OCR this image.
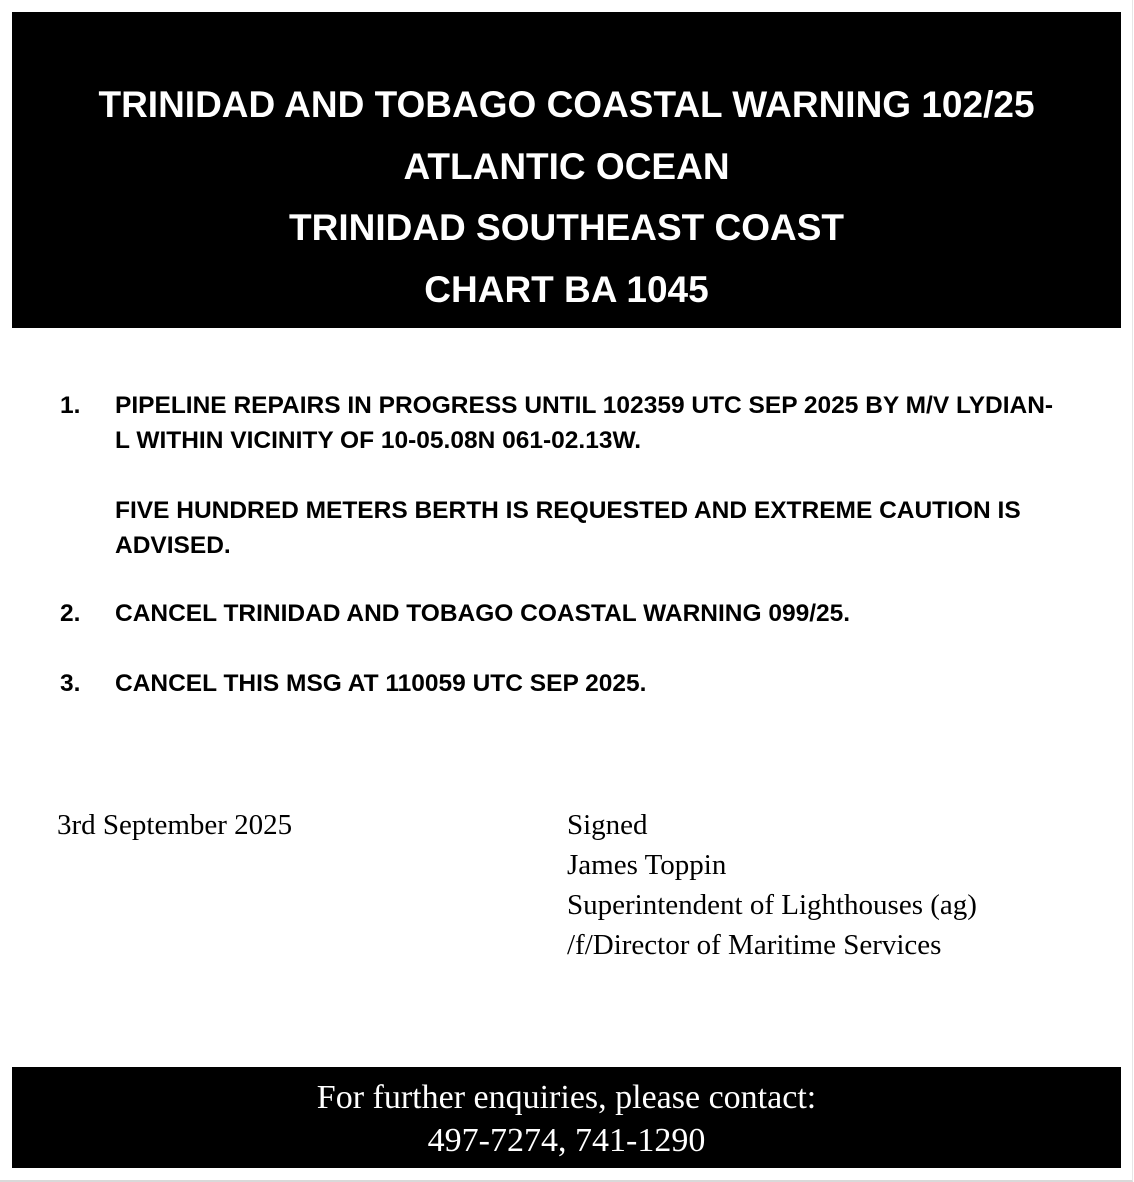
TRINIDAD AND TOBAGO COASTAL WARNING 102/25
ATLANTIC OCEAN
TRINIDAD SOUTHEAST COAST
CHART BA 1045
1. PIPELINE REPAIRS IN PROGRESS UNTIL 102359 UTC SEP 2025 BY M/V LYDIAN- L WITHIN VICINITY OF 10-05.08N 061-02.13W.

FIVE HUNDRED METERS BERTH IS REQUESTED AND EXTREME CAUTION IS ADVISED.

2. CANCEL TRINIDAD AND TOBAGO COASTAL WARNING 099/25.

3. CANCEL THIS MSG AT 110059 UTC SEP 2025.

3rd September 2025	Signed
James Toppin
Superintendent of Lighthouses (ag)
/f/Director of Maritime Services
For further enquiries, please contact:
497-7274, 741-1290
